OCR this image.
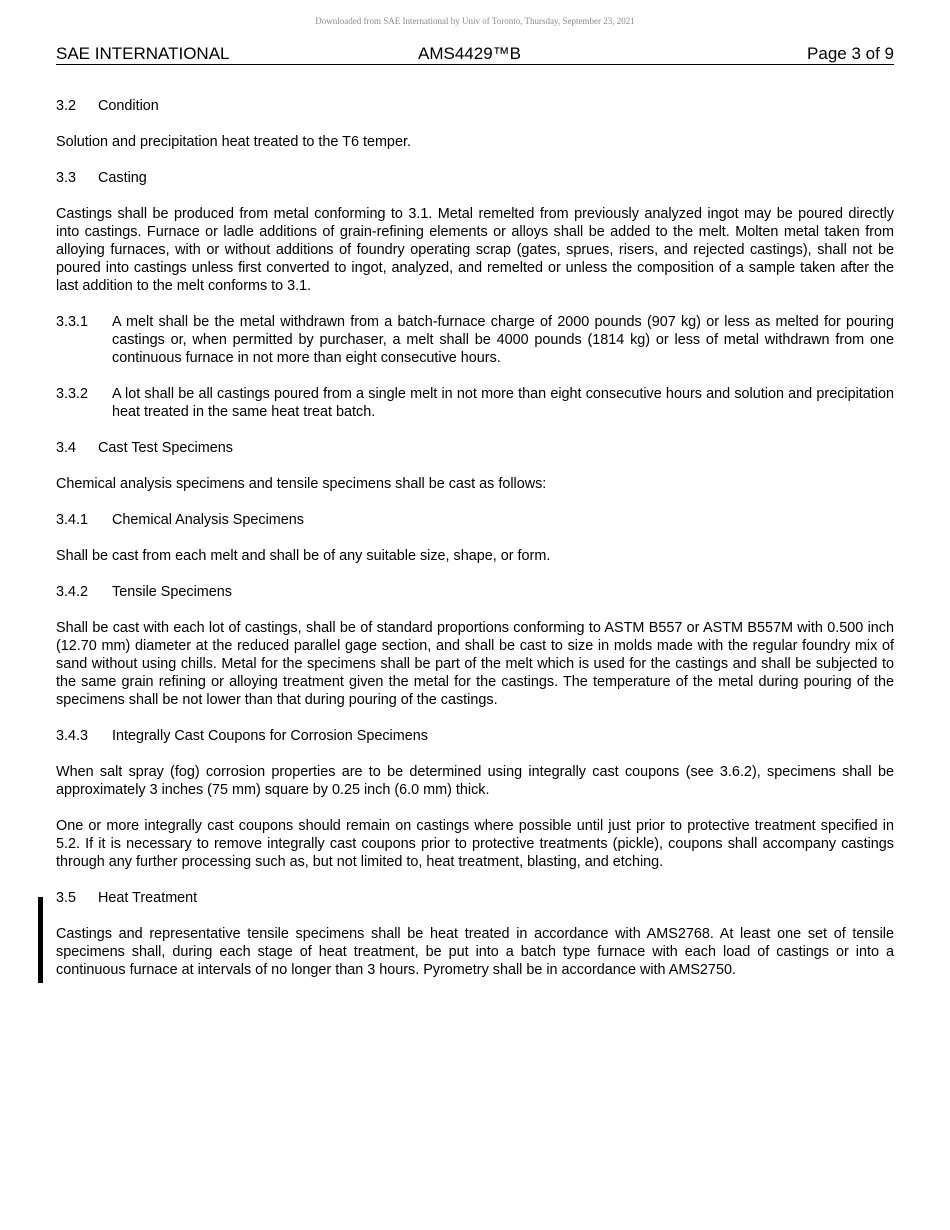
Downloaded from SAE International by Univ of Toronto, Thursday, September 23, 2021
SAE INTERNATIONAL	AMS4429™B	Page 3 of 9
3.2	Condition

Solution and precipitation heat treated to the T6 temper.

3.3	Casting

Castings shall be produced from metal conforming to 3.1. Metal remelted from previously analyzed ingot may be poured directly into castings. Furnace or ladle additions of grain-refining elements or alloys shall be added to the melt. Molten metal taken from alloying furnaces, with or without additions of foundry operating scrap (gates, sprues, risers, and rejected castings), shall not be poured into castings unless first converted to ingot, analyzed, and remelted or unless the composition of a sample taken after the last addition to the melt conforms to 3.1.

3.3.1	A melt shall be the metal withdrawn from a batch-furnace charge of 2000 pounds (907 kg) or less as melted for pouring castings or, when permitted by purchaser, a melt shall be 4000 pounds (1814 kg) or less of metal withdrawn from one continuous furnace in not more than eight consecutive hours.
3.3.2	A lot shall be all castings poured from a single melt in not more than eight consecutive hours and solution and precipitation heat treated in the same heat treat batch.
3.4	Cast Test Specimens

Chemical analysis specimens and tensile specimens shall be cast as follows:

3.4.1	Chemical Analysis Specimens

Shall be cast from each melt and shall be of any suitable size, shape, or form.

3.4.2	Tensile Specimens

Shall be cast with each lot of castings, shall be of standard proportions conforming to ASTM B557 or ASTM B557M with 0.500 inch (12.70 mm) diameter at the reduced parallel gage section, and shall be cast to size in molds made with the regular foundry mix of sand without using chills. Metal for the specimens shall be part of the melt which is used for the castings and shall be subjected to the same grain refining or alloying treatment given the metal for the castings. The temperature of the metal during pouring of the specimens shall be not lower than that during pouring of the castings.

3.4.3	Integrally Cast Coupons for Corrosion Specimens

When salt spray (fog) corrosion properties are to be determined using integrally cast coupons (see 3.6.2), specimens shall be approximately 3 inches (75 mm) square by 0.25 inch (6.0 mm) thick.

One or more integrally cast coupons should remain on castings where possible until just prior to protective treatment specified in 5.2. If it is necessary to remove integrally cast coupons prior to protective treatments (pickle), coupons shall accompany castings through any further processing such as, but not limited to, heat treatment, blasting, and etching.

3.5	Heat Treatment

Castings and representative tensile specimens shall be heat treated in accordance with AMS2768. At least one set of tensile specimens shall, during each stage of heat treatment, be put into a batch type furnace with each load of castings or into a continuous furnace at intervals of no longer than 3 hours. Pyrometry shall be in accordance with AMS2750.
